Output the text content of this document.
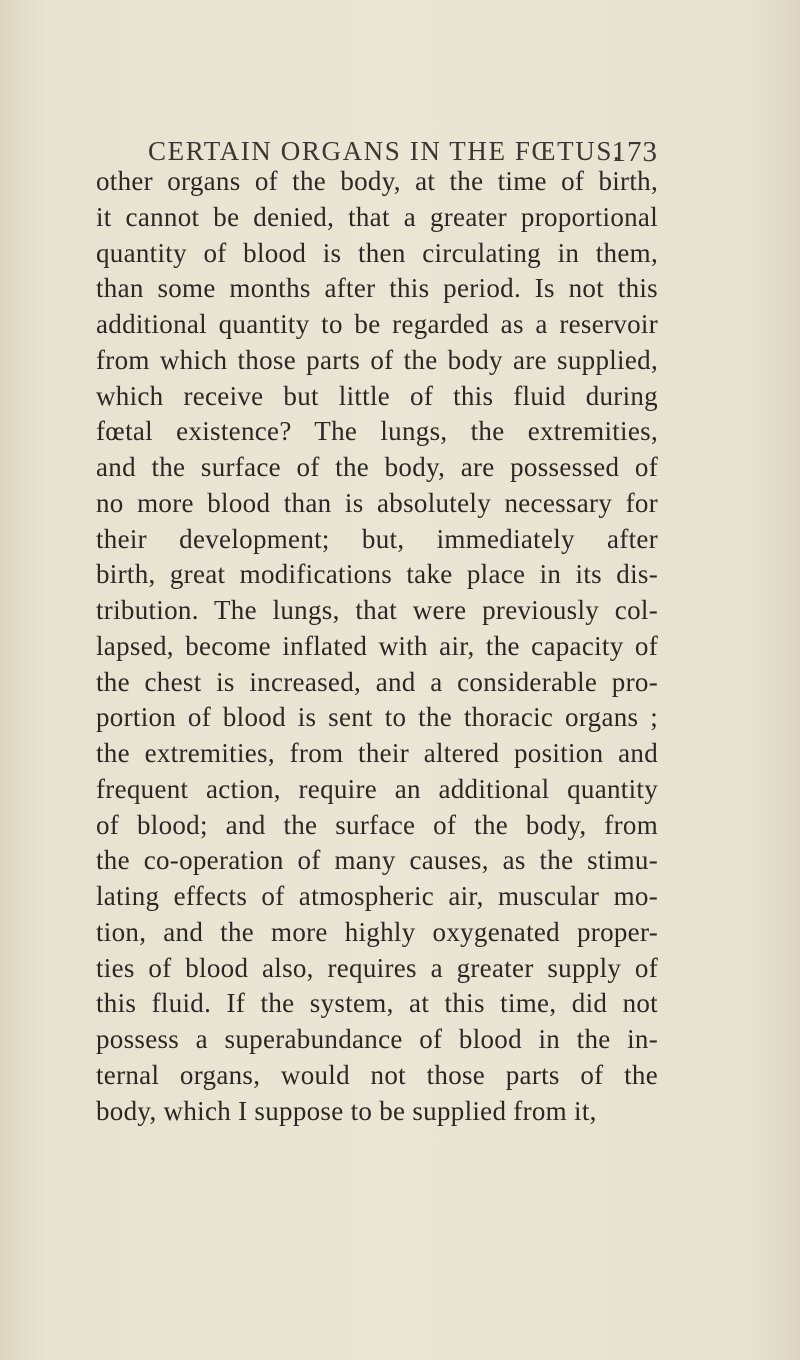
CERTAIN ORGANS IN THE FŒTUS.
173
other organs of the body, at the time of birth,
it cannot be denied, that a greater proportional
quantity of blood is then circulating in them,
than some months after this period. Is not this
additional quantity to be regarded as a reservoir
from which those parts of the body are supplied,
which receive but little of this fluid during
fœtal existence? The lungs, the extremities,
and the surface of the body, are possessed of
no more blood than is absolutely necessary for
their development; but, immediately after
birth, great modifications take place in its dis-
tribution. The lungs, that were previously col-
lapsed, become inflated with air, the capacity of
the chest is increased, and a considerable pro-
portion of blood is sent to the thoracic organs ;
the extremities, from their altered position and
frequent action, require an additional quantity
of blood; and the surface of the body, from
the co-operation of many causes, as the stimu-
lating effects of atmospheric air, muscular mo-
tion, and the more highly oxygenated proper-
ties of blood also, requires a greater supply of
this fluid. If the system, at this time, did not
possess a superabundance of blood in the in-
ternal organs, would not those parts of the
body, which I suppose to be supplied from it,
